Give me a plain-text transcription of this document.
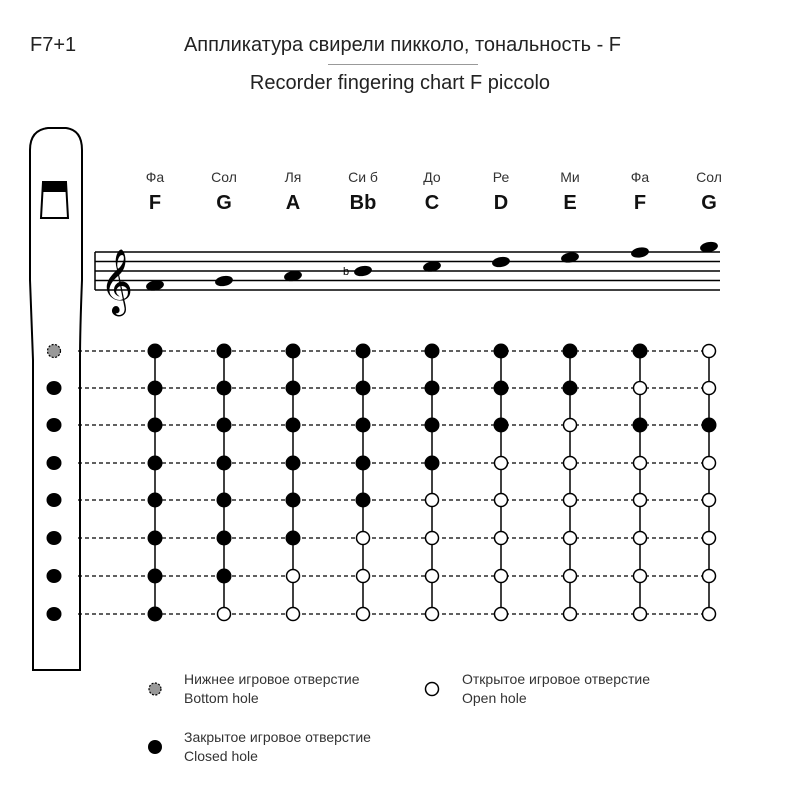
F7+1	Аппликатура свирели пикколо, тональность - F
Recorder fingering chart F piccolo
Фа
F
Сол
G
Ля
A
Си б
Bb
До
C
Ре
D
Ми
E
Фа
F
Сол
G
𝄞	b
Нижнее игровое отверстие
Bottom hole
Открытое игровое отверстие
Open hole
Закрытое игровое отверстие
Closed hole
